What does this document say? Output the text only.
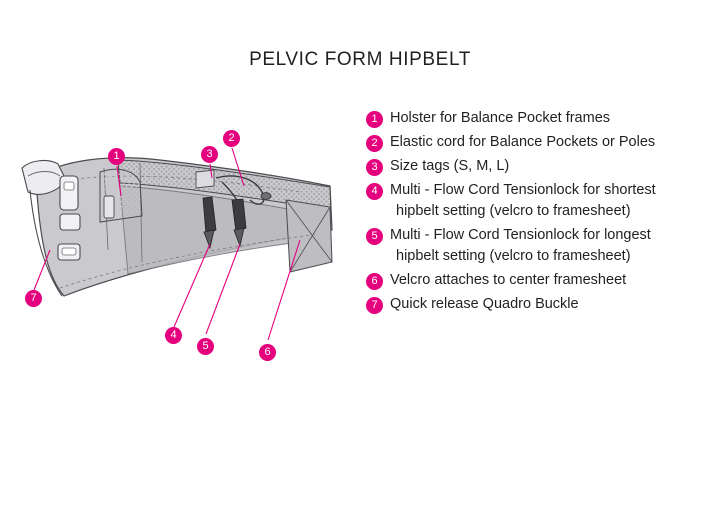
PELVIC FORM HIPBELT
1
2
3
4
5	6
7
1 Holster for Balance Pocket frames
2 Elastic cord for Balance Pockets or Poles
3 Size tags (S, M, L)
4 Multi - Flow Cord Tensionlock for shortest
hipbelt setting (velcro to framesheet)
5 Multi - Flow Cord Tensionlock for longest
hipbelt setting (velcro to framesheet)
6 Velcro attaches to center framesheet
7 Quick release Quadro Buckle
